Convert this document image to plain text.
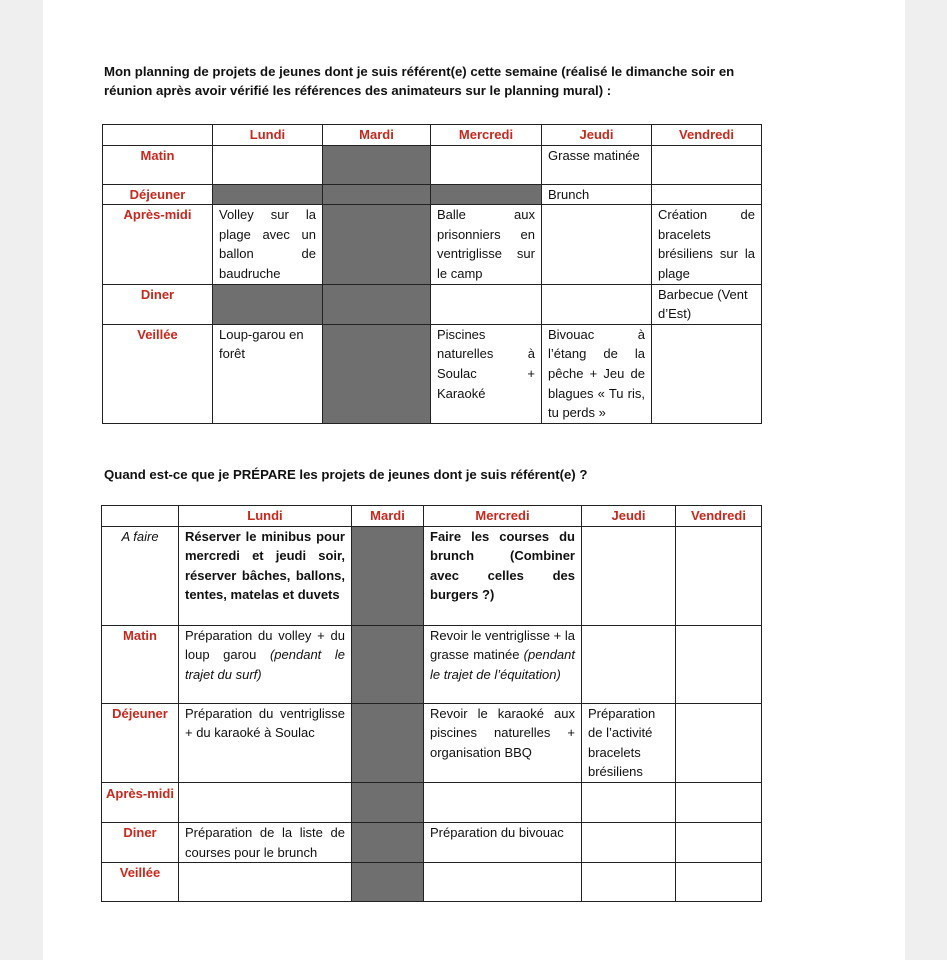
Mon planning de projets de jeunes dont je suis référent(e) cette semaine (réalisé le dimanche soir en réunion après avoir vérifié les références des animateurs sur le planning mural) :
	Lundi	Mardi	Mercredi	Jeudi	Vendredi
Matin				Grasse matinée	
Déjeuner				Brunch	
Après-midi	Volley sur la plage avec un ballon de baudruche		Balle aux prisonniers en ventriglisse sur le camp		Création de bracelets brésiliens sur la plage
Diner					Barbecue (Vent d’Est)
Veillée	Loup-garou en forêt		Piscines naturelles à Soulac + Karaoké	Bivouac à l’étang de la pêche + Jeu de blagues « Tu ris, tu perds »	
Quand est-ce que je PRÉPARE les projets de jeunes dont je suis référent(e) ?
	Lundi	Mardi	Mercredi	Jeudi	Vendredi
A faire	Réserver le minibus pour mercredi et jeudi soir, réserver bâches, ballons, tentes, matelas et duvets		Faire les courses du brunch (Combiner avec celles des burgers ?)		
Matin	Préparation du volley + du loup garou (pendant le trajet du surf)		Revoir le ventriglisse + la grasse matinée (pendant le trajet de l’équitation)		
Déjeuner	Préparation du ventriglisse + du karaoké à Soulac		Revoir le karaoké aux piscines naturelles + organisation BBQ	Préparation de l’activité bracelets brésiliens	
Après-midi					
Diner	Préparation de la liste de courses pour le brunch		Préparation du bivouac		
Veillée					
